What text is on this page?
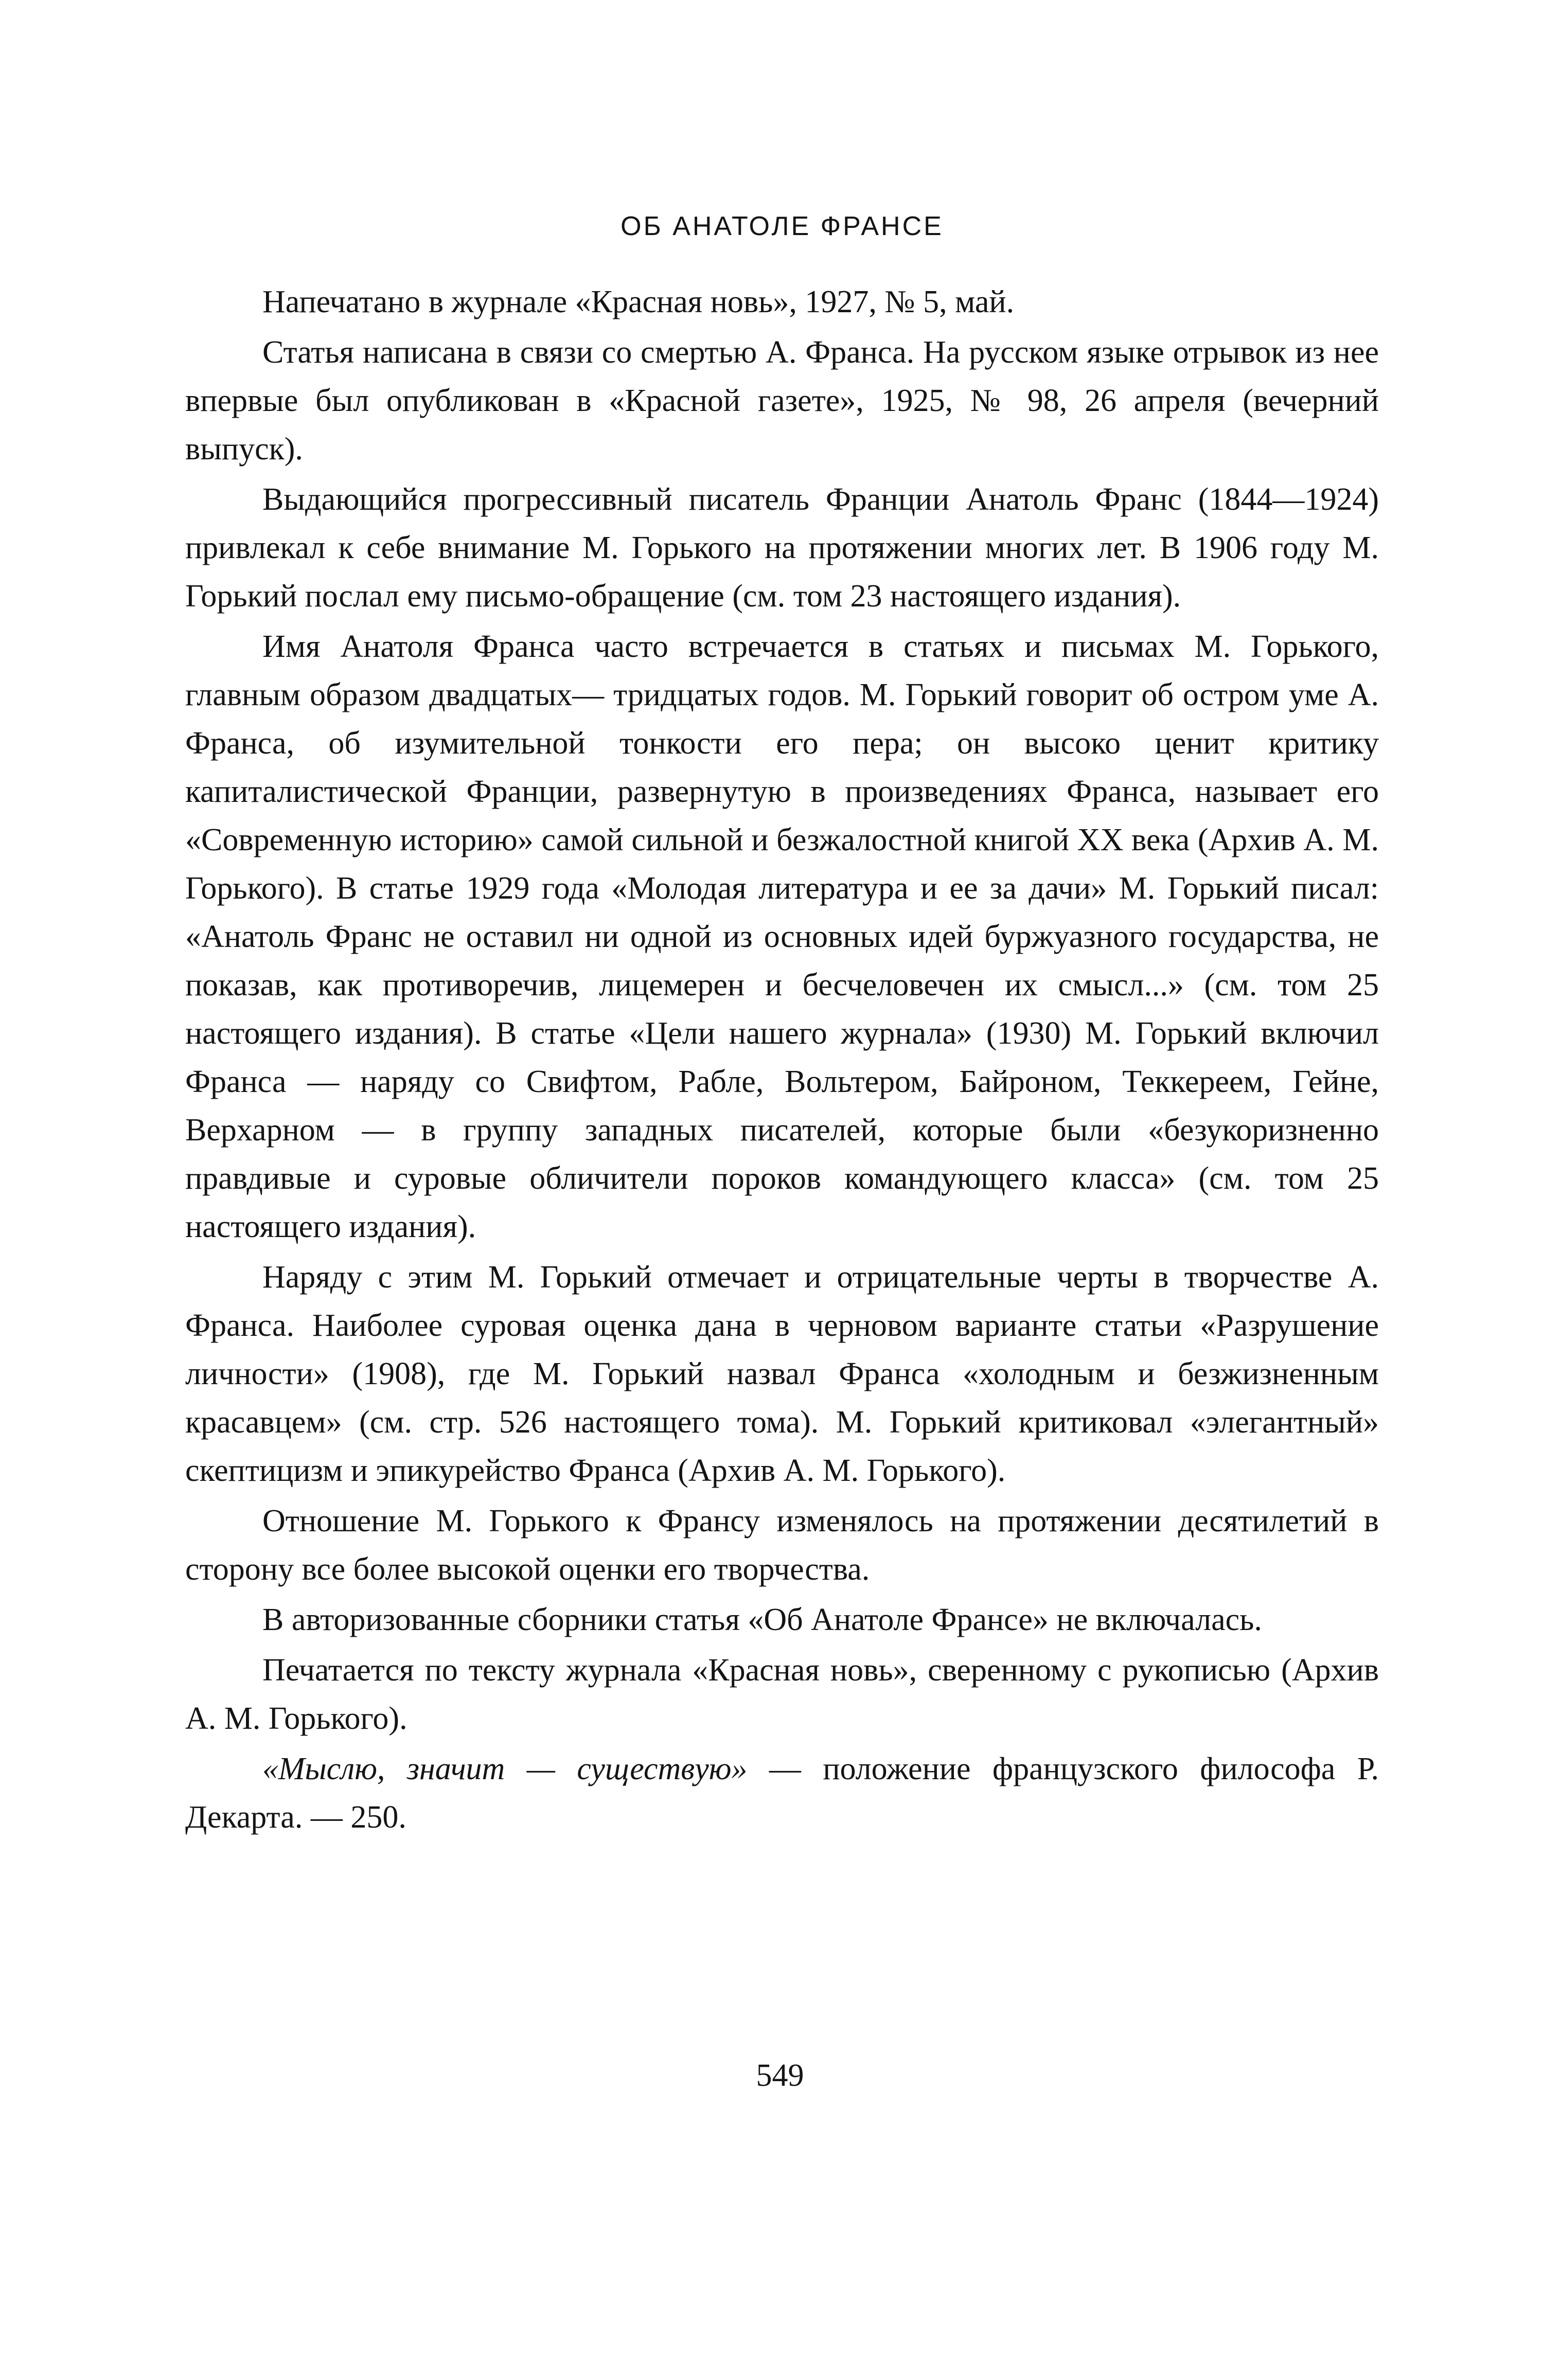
ОБ АНАТОЛЕ ФРАНСЕ

Напечатано в журнале «Красная новь», 1927, № 5, май.

Статья написана в связи со смертью А. Франса. На русском языке отрывок из нее впервые был опубликован в «Красной газете», 1925, № 98, 26 апреля (вечерний выпуск).

Выдающийся прогрессивный писатель Франции Анатоль Франс (1844—1924) привлекал к себе внимание М. Горького на протяжении многих лет. В 1906 году М. Горький послал ему письмо-обращение (см. том 23 настоящего издания).

Имя Анатоля Франса часто встречается в статьях и письмах М. Горького, главным образом двадцатых— тридцатых годов. М. Горький говорит об остром уме А. Франса, об изумительной тонкости его пера; он высоко ценит критику капиталистической Франции, развернутую в произведениях Франса, называет его «Современную историю» самой сильной и безжалостной книгой XX века (Архив А. М. Горького). В статье 1929 года «Молодая литература и ее за дачи» М. Горький писал: «Анатоль Франс не оставил ни одной из основных идей буржуазного государства, не показав, как противоречив, лицемерен и бесчеловечен их смысл...» (см. том 25 настоящего издания). В статье «Цели нашего журнала» (1930) М. Горький включил Франса — наряду со Свифтом, Рабле, Вольтером, Байроном, Теккереем, Гейне, Верхарном — в группу западных писателей, которые были «безукоризненно правдивые и суровые обличители пороков командующего класса» (см. том 25 настоящего издания).

Наряду с этим М. Горький отмечает и отрицательные черты в творчестве А. Франса. Наиболее суровая оценка дана в черновом варианте статьи «Разрушение личности» (1908), где М. Горький назвал Франса «холодным и безжизненным красавцем» (см. стр. 526 настоящего тома). М. Горький критиковал «элегантный» скептицизм и эпикурейство Франса (Архив А. М. Горького).

Отношение М. Горького к Франсу изменялось на протяжении десятилетий в сторону все более высокой оценки его творчества.

В авторизованные сборники статья «Об Анатоле Франсе» не включалась.

Печатается по тексту журнала «Красная новь», сверенному с рукописью (Архив А. М. Горького).

«Мыслю, значит — существую» — положение французского философа Р. Декарта. — 250.

549
